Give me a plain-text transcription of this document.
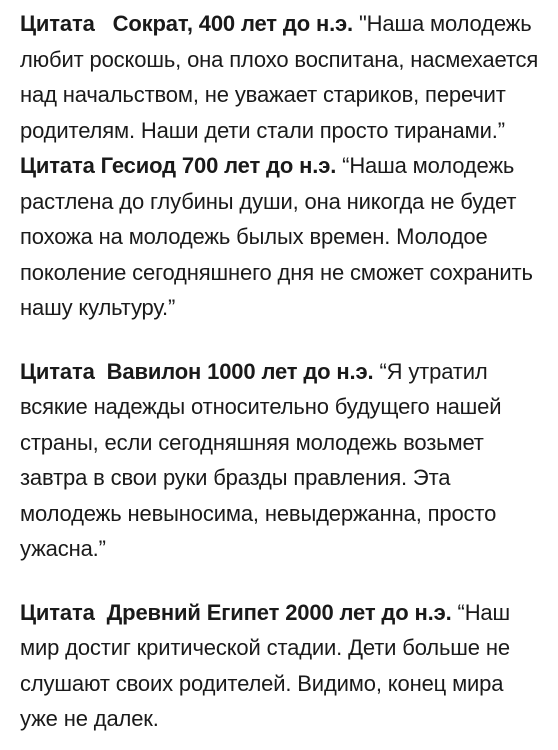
Цитата   Сократ, 400 лет до н.э. "Наша молодежь любит роскошь, она плохо воспитана, насмехается над начальством, не уважает стариков, перечит родителям. Наши дети стали просто тиранами.”

Цитата Гесиод 700 лет до н.э. “Наша молодежь растлена до глубины души, она никогда не будет похожа на молодежь былых времен. Молодое поколение сегодняшнего дня не сможет сохранить нашу культуру.”

Цитата  Вавилон 1000 лет до н.э. “Я утратил всякие надежды относительно будущего нашей страны, если сегодняшняя молодежь возьмет завтра в свои руки бразды правления. Эта молодежь невыносима, невыдержанна, просто ужасна.”

Цитата  Древний Египет 2000 лет до н.э. “Наш мир достиг критической стадии. Дети больше не слушают своих родителей. Видимо, конец мира уже не далек.
